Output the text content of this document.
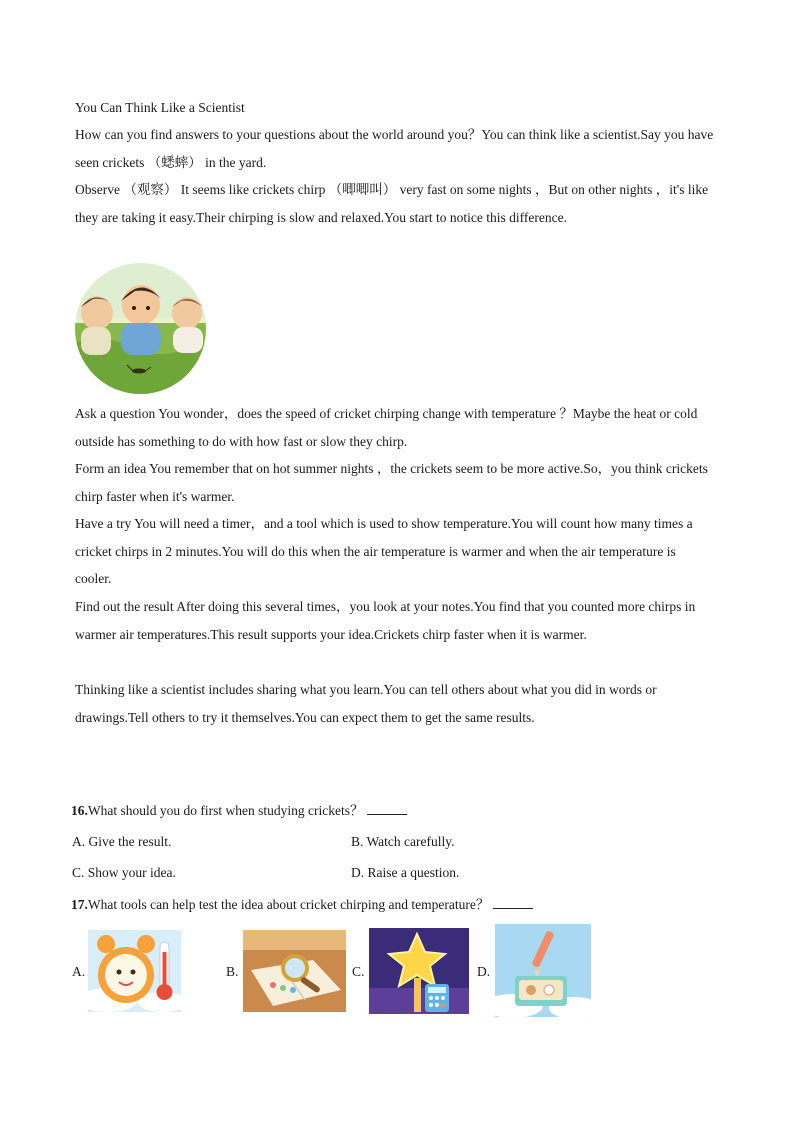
You Can Think Like a Scientist

How can you find answers to your questions about the world around you？You can think like a scientist.Say you have seen crickets （蟋蟀） in the yard.

Observe （观察） It seems like crickets chirp （唧唧叫） very fast on some nights ，But on other nights ，it's like they are taking it easy.Their chirping is slow and relaxed.You start to notice this difference.

Ask a question You wonder，does the speed of cricket chirping change with temperature ？Maybe the heat or cold outside has something to do with how fast or slow they chirp.

Form an idea You remember that on hot summer nights ，the crickets seem to be more active.So，you think crickets chirp faster when it's warmer.

Have a try You will need a timer，and a tool which is used to show temperature.You will count how many times a cricket chirps in 2 minutes.You will do this when the air temperature is warmer and when the air temperature is cooler.

Find out the result After doing this several times，you look at your notes.You find that you counted more chirps in warmer air temperatures.This result supports your idea.Crickets chirp faster when it is warmer.

Thinking like a scientist includes sharing what you learn.You can tell others about what you did in words or drawings.Tell others to try it themselves.You can expect them to get the same results.

16.What should you do first when studying crickets？
A. Give the result.	B. Watch carefully.
C. Show your idea.	D. Raise a question.
17.What tools can help test the idea about cricket chirping and temperature？
A.	B.	C.	D.
